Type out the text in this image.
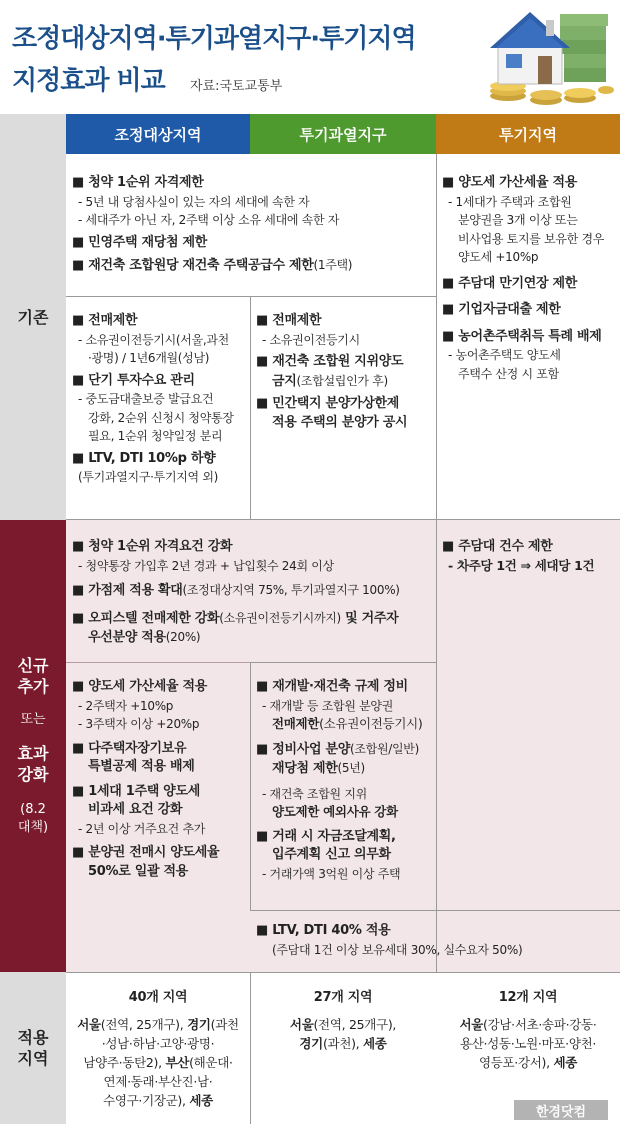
조정대상지역·투기과열지구·투기지역
지정효과 비교 자료:국토교통부
조정대상지역	투기과열지구	투기지역
기존
신규
추가
또는
효과
강화
(8.2
대책)
적용
지역
■ 청약 1순위 자격제한
- 5년 내 당첨사실이 있는 자의 세대에 속한 자
- 세대주가 아닌 자, 2주택 이상 소유 세대에 속한 자
■ 민영주택 재당첨 제한
■ 재건축 조합원당 재건축 주택공급수 제한(1주택)
■ 전매제한
- 소유권이전등기시(서울,과천
·광명) / 1년6개월(성남)
■ 단기 투자수요 관리
- 중도금대출보증 발급요건
강화, 2순위 신청시 청약통장
필요, 1순위 청약일정 분리
■ LTV, DTI 10%p 하향
(투기과열지구·투기지역 외)
■ 전매제한
- 소유권이전등기시
■ 재건축 조합원 지위양도
금지(조합설립인가 후)
■ 민간택지 분양가상한제
적용 주택의 분양가 공시
■ 양도세 가산세율 적용
- 1세대가 주택과 조합원
분양권을 3개 이상 또는
비사업용 토지를 보유한 경우
양도세 +10%p
■ 주담대 만기연장 제한
■ 기업자금대출 제한
■ 농어촌주택취득 특례 배제
- 농어촌주택도 양도세
주택수 산정 시 포함
■ 청약 1순위 자격요건 강화
- 청약통장 가입후 2년 경과 + 납입횟수 24회 이상
■ 가점제 적용 확대(조정대상지역 75%, 투기과열지구 100%)
■ 오피스텔 전매제한 강화(소유권이전등기시까지) 및 거주자
우선분양 적용(20%)
■ 양도세 가산세율 적용
- 2주택자 +10%p
- 3주택자 이상 +20%p
■ 다주택자장기보유
특별공제 적용 배제
■ 1세대 1주택 양도세
비과세 요건 강화
- 2년 이상 거주요건 추가
■ 분양권 전매시 양도세율
50%로 일괄 적용
■ 재개발·재건축 규제 정비
- 재개발 등 조합원 분양권
전매제한(소유권이전등기시)
■ 정비사업 분양(조합원/일반)
재당첨 제한(5년)
- 재건축 조합원 지위
양도제한 예외사유 강화
■ 거래 시 자금조달계획,
입주계획 신고 의무화
- 거래가액 3억원 이상 주택
■ LTV, DTI 40% 적용
(주담대 1건 이상 보유세대 30%, 실수요자 50%)
■ 주담대 건수 제한
- 차주당 1건 ⇒ 세대당 1건
40개 지역
서울(전역, 25개구), 경기(과천
·성남·하남·고양·광명·
남양주·동탄2), 부산(해운대·
연제·동래·부산진·남·
수영구·기장군), 세종
27개 지역
서울(전역, 25개구),
경기(과천), 세종
12개 지역
서울(강남·서초·송파·강동·
용산·성동·노원·마포·양천·
영등포·강서), 세종
한경닷컴
